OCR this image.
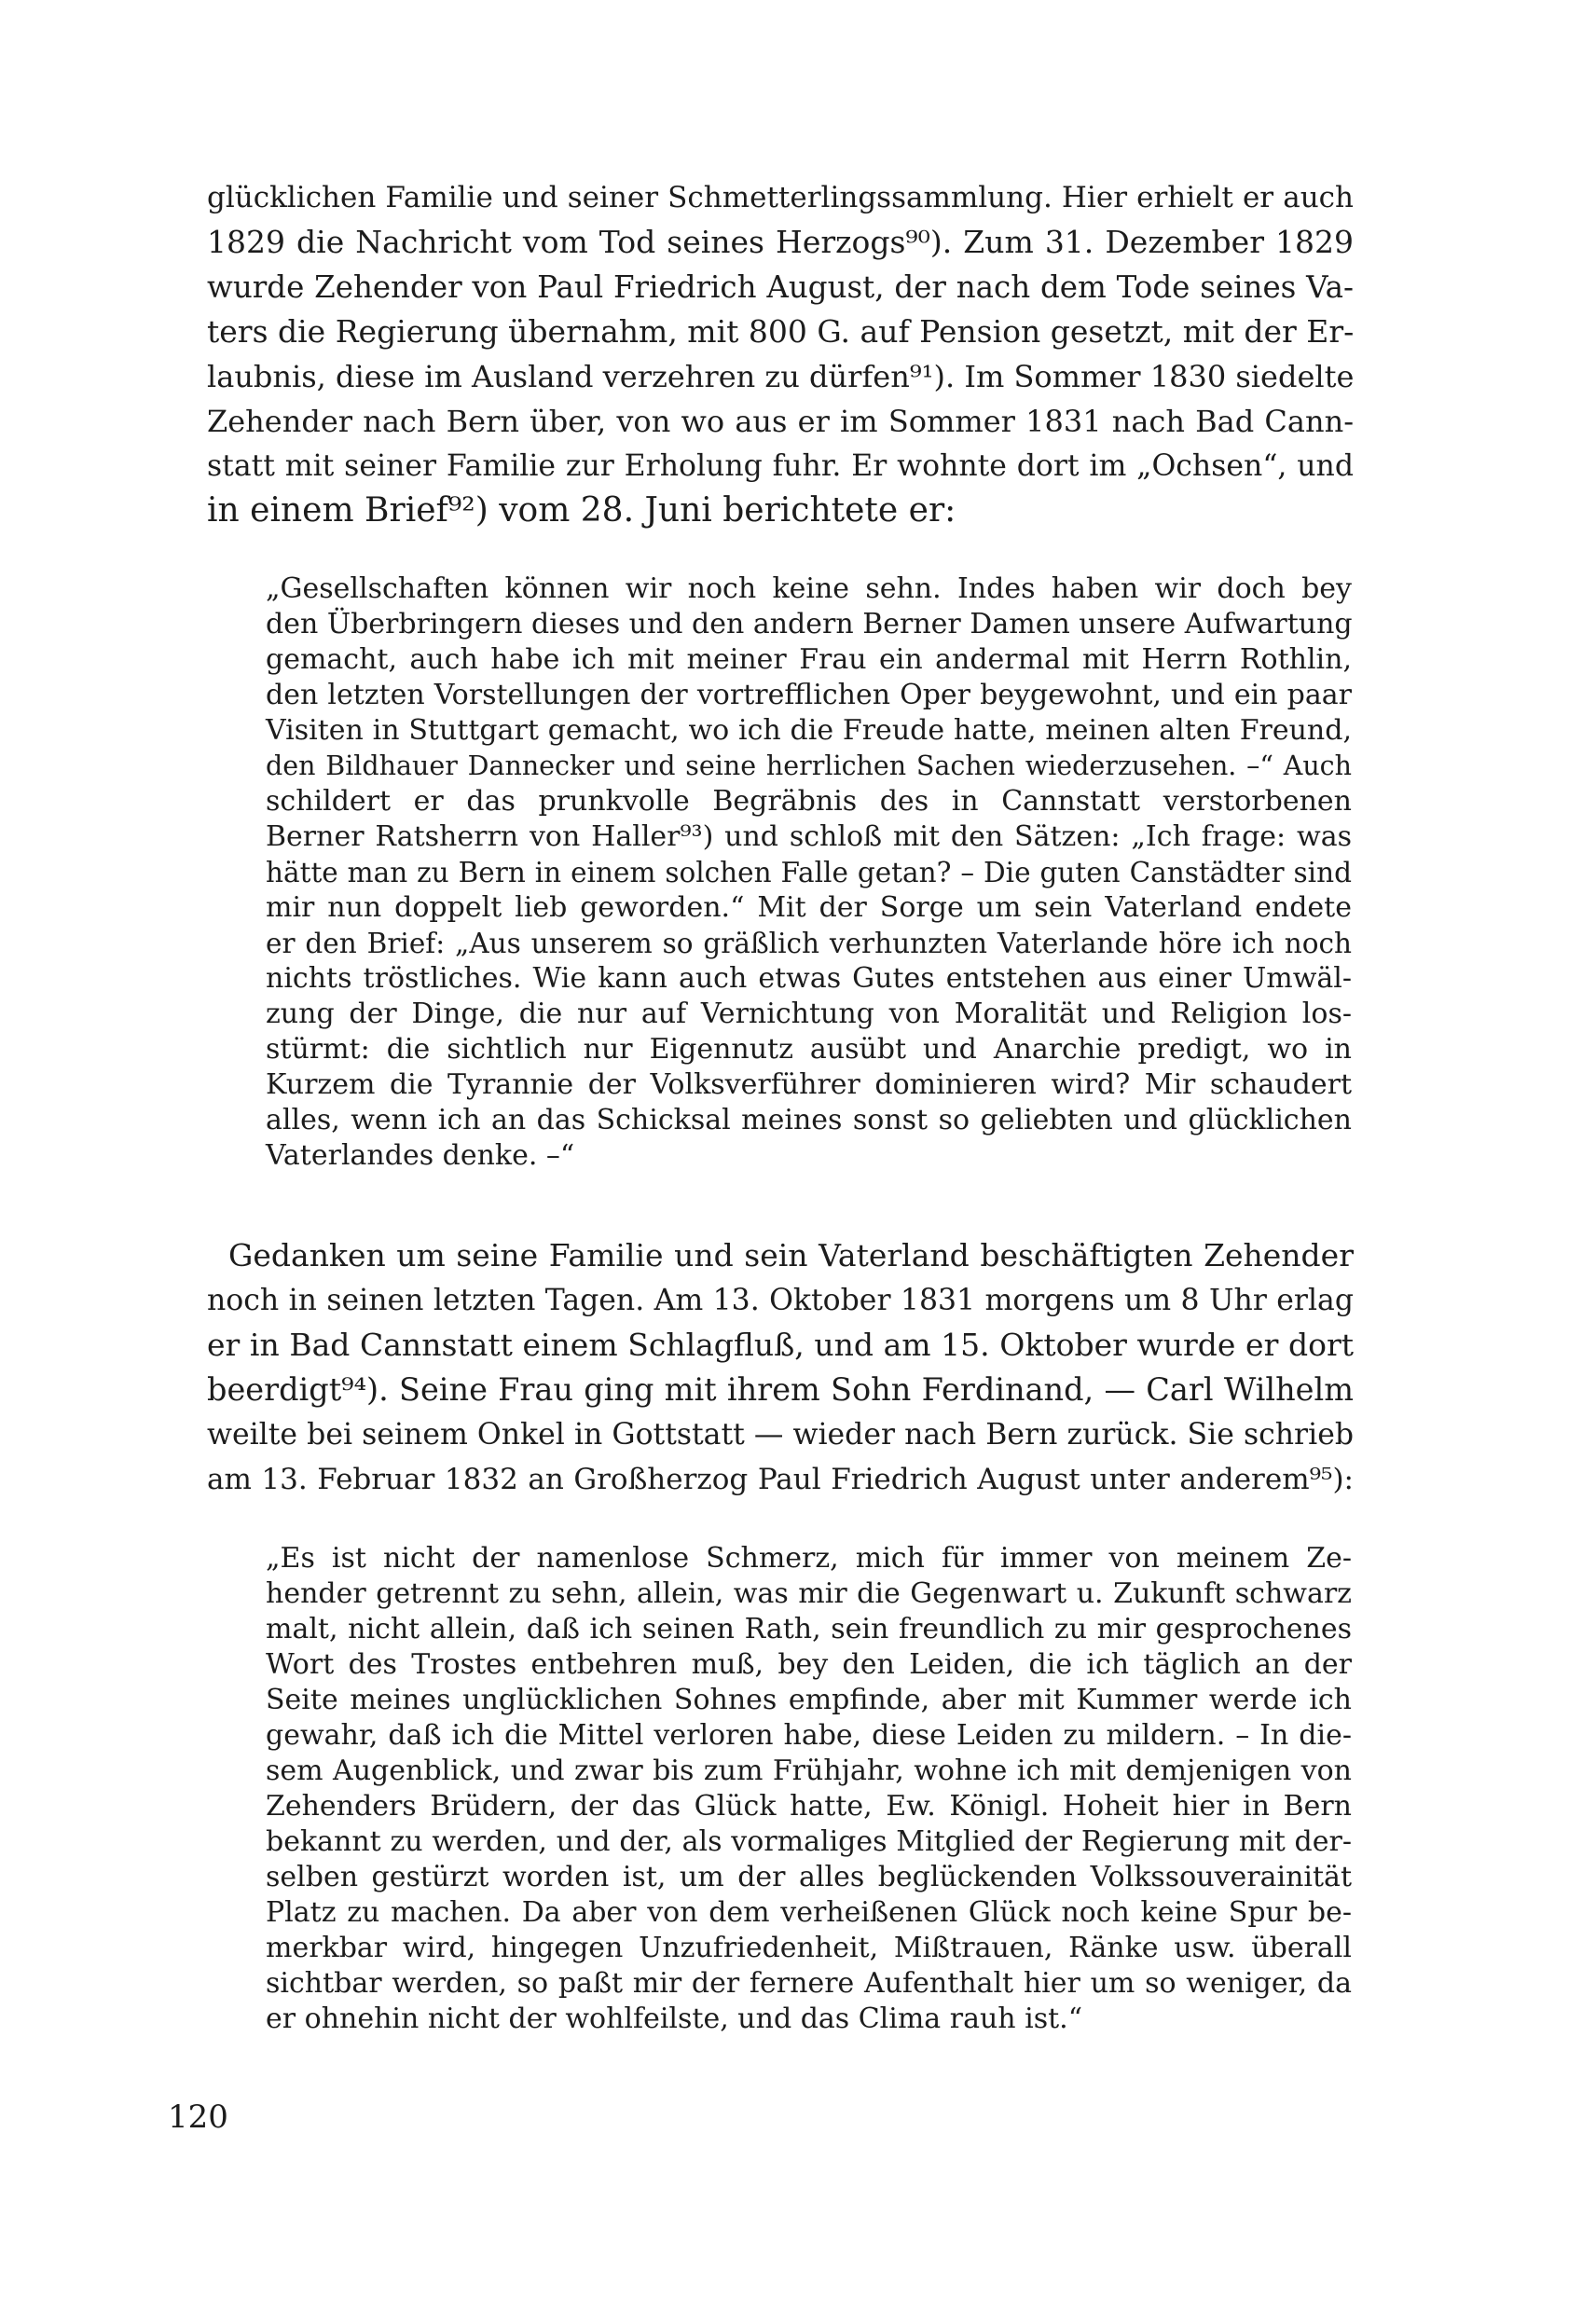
glücklichen Familie und seiner Schmetterlingssammlung. Hier erhielt er auch

1829 die Nachricht vom Tod seines Herzogs⁹⁰). Zum 31. Dezember 1829

wurde Zehender von Paul Friedrich August, der nach dem Tode seines Va-

ters die Regierung übernahm, mit 800 G. auf Pension gesetzt, mit der Er-

laubnis, diese im Ausland verzehren zu dürfen⁹¹). Im Sommer 1830 siedelte

Zehender nach Bern über, von wo aus er im Sommer 1831 nach Bad Cann-

statt mit seiner Familie zur Erholung fuhr. Er wohnte dort im „Ochsen“, und

in einem Brief⁹²) vom 28. Juni berichtete er:

„Gesellschaften können wir noch keine sehn. Indes haben wir doch bey

den Überbringern dieses und den andern Berner Damen unsere Aufwartung

gemacht, auch habe ich mit meiner Frau ein andermal mit Herrn Rothlin,

den letzten Vorstellungen der vortrefflichen Oper beygewohnt, und ein paar

Visiten in Stuttgart gemacht, wo ich die Freude hatte, meinen alten Freund,

den Bildhauer Dannecker und seine herrlichen Sachen wiederzusehen. –“ Auch

schildert er das prunkvolle Begräbnis des in Cannstatt verstorbenen

Berner Ratsherrn von Haller⁹³) und schloß mit den Sätzen: „Ich frage: was

hätte man zu Bern in einem solchen Falle getan? – Die guten Canstädter sind

mir nun doppelt lieb geworden.“ Mit der Sorge um sein Vaterland endete

er den Brief: „Aus unserem so gräßlich verhunzten Vaterlande höre ich noch

nichts tröstliches. Wie kann auch etwas Gutes entstehen aus einer Umwäl-

zung der Dinge, die nur auf Vernichtung von Moralität und Religion los-

stürmt: die sichtlich nur Eigennutz ausübt und Anarchie predigt, wo in

Kurzem die Tyrannie der Volksverführer dominieren wird? Mir schaudert

alles, wenn ich an das Schicksal meines sonst so geliebten und glücklichen

Vaterlandes denke. –“

Gedanken um seine Familie und sein Vaterland beschäftigten Zehender

noch in seinen letzten Tagen. Am 13. Oktober 1831 morgens um 8 Uhr erlag

er in Bad Cannstatt einem Schlagfluß, und am 15. Oktober wurde er dort

beerdigt⁹⁴). Seine Frau ging mit ihrem Sohn Ferdinand, — Carl Wilhelm

weilte bei seinem Onkel in Gottstatt — wieder nach Bern zurück. Sie schrieb

am 13. Februar 1832 an Großherzog Paul Friedrich August unter anderem⁹⁵):

„Es ist nicht der namenlose Schmerz, mich für immer von meinem Ze-

hender getrennt zu sehn, allein, was mir die Gegenwart u. Zukunft schwarz

malt, nicht allein, daß ich seinen Rath, sein freundlich zu mir gesprochenes

Wort des Trostes entbehren muß, bey den Leiden, die ich täglich an der

Seite meines unglücklichen Sohnes empfinde, aber mit Kummer werde ich

gewahr, daß ich die Mittel verloren habe, diese Leiden zu mildern. – In die-

sem Augenblick, und zwar bis zum Frühjahr, wohne ich mit demjenigen von

Zehenders Brüdern, der das Glück hatte, Ew. Königl. Hoheit hier in Bern

bekannt zu werden, und der, als vormaliges Mitglied der Regierung mit der-

selben gestürzt worden ist, um der alles beglückenden Volkssouverainität

Platz zu machen. Da aber von dem verheißenen Glück noch keine Spur be-

merkbar wird, hingegen Unzufriedenheit, Mißtrauen, Ränke usw. überall

sichtbar werden, so paßt mir der fernere Aufenthalt hier um so weniger, da

er ohnehin nicht der wohlfeilste, und das Clima rauh ist.“

120
